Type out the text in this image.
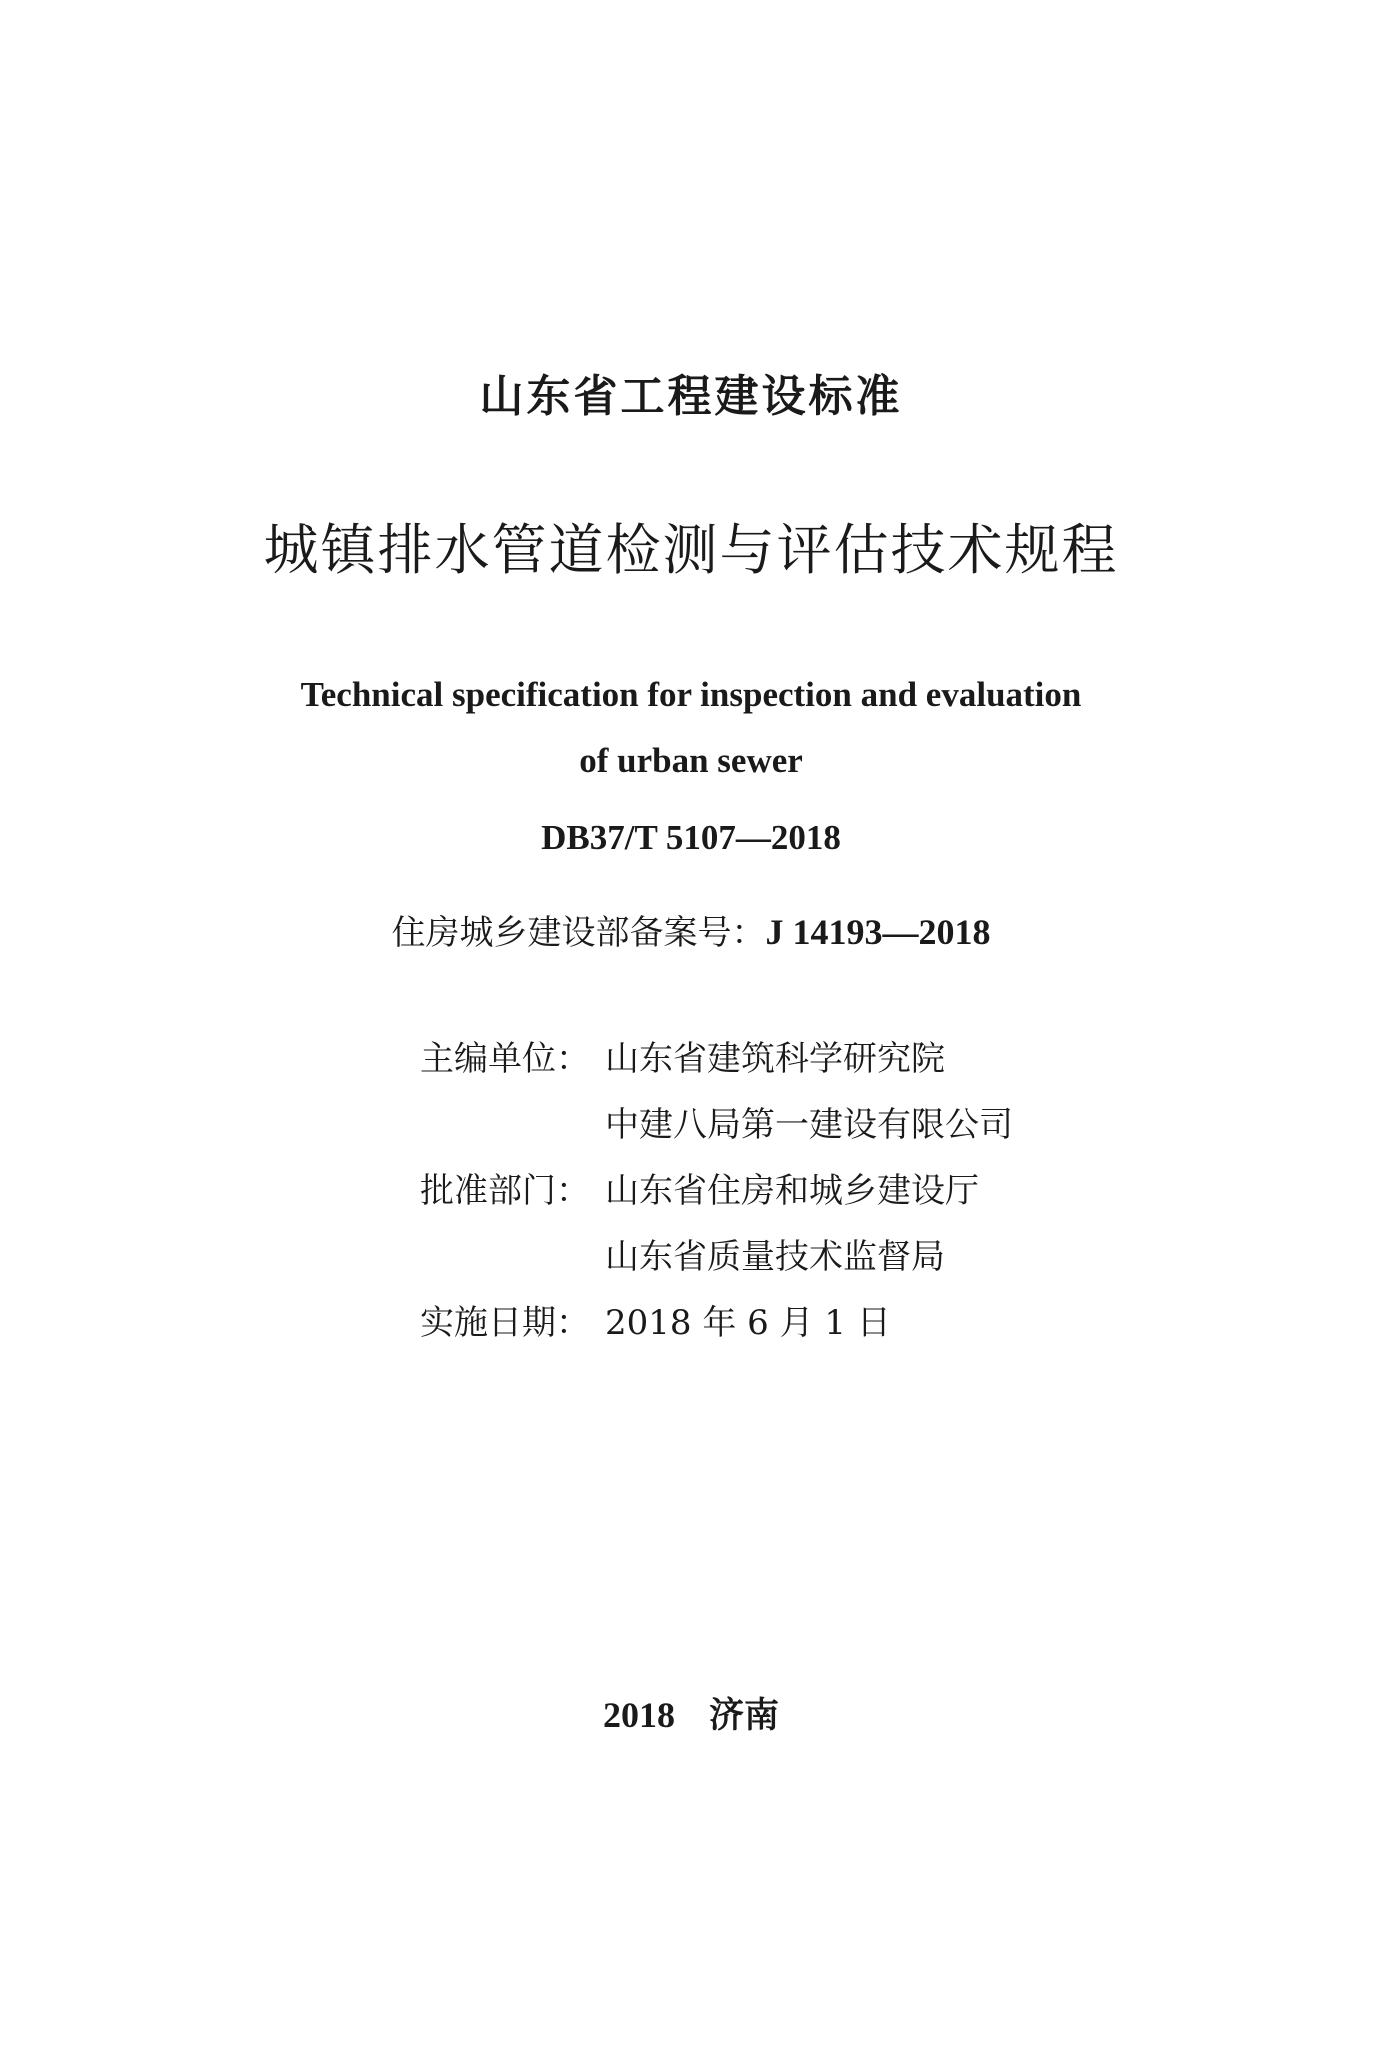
山东省工程建设标准
城镇排水管道检测与评估技术规程
Technical specification for inspection and evaluation
of urban sewer
DB37/T 5107—2018
住房城乡建设部备案号：J 14193—2018
主编单位： 山东省建筑科学研究院
中建八局第一建设有限公司
批准部门： 山东省住房和城乡建设厅
山东省质量技术监督局
实施日期： 2018 年 6 月 1 日
2018 济南
